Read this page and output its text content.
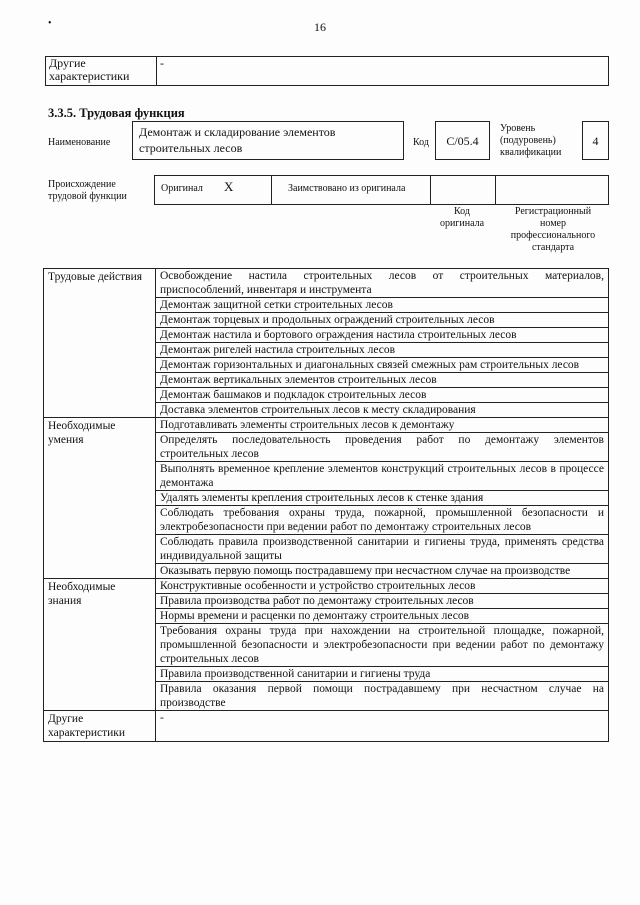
•	16
Другие характеристики	-
3.3.5. Трудовая функция
Наименование
Демонтаж и складирование элементов строительных лесов	Код	С/05.4
Уровень (подуровень) квалификации
4
Происхождение трудовой функции
Оригинал X	Заимствовано из оригинала
Код оригинала
Регистрационный номер профессионального стандарта
Трудовые действия	Освобождение настила строительных лесов от строительных материалов, приспособлений, инвентаря и инструмента
	Демонтаж защитной сетки строительных лесов
	Демонтаж торцевых и продольных ограждений строительных лесов
	Демонтаж настила и бортового ограждения настила строительных лесов
	Демонтаж ригелей настила строительных лесов
	Демонтаж горизонтальных и диагональных связей смежных рам строительных лесов
	Демонтаж вертикальных элементов строительных лесов
	Демонтаж башмаков и подкладок строительных лесов
	Доставка элементов строительных лесов к месту складирования
Необходимые умения	Подготавливать элементы строительных лесов к демонтажу
	Определять последовательность проведения работ по демонтажу элементов строительных лесов
	Выполнять временное крепление элементов конструкций строительных лесов в процессе демонтажа
	Удалять элементы крепления строительных лесов к стенке здания
	Соблюдать требования охраны труда, пожарной, промышленной безопасности и электробезопасности при ведении работ по демонтажу строительных лесов
	Соблюдать правила производственной санитарии и гигиены труда, применять средства индивидуальной защиты
	Оказывать первую помощь пострадавшему при несчастном случае на производстве
Необходимые знания	Конструктивные особенности и устройство строительных лесов
	Правила производства работ по демонтажу строительных лесов
	Нормы времени и расценки по демонтажу строительных лесов
	Требования охраны труда при нахождении на строительной площадке, пожарной, промышленной безопасности и электробезопасности при ведении работ по демонтажу строительных лесов
	Правила производственной санитарии и гигиены труда
	Правила оказания первой помощи пострадавшему при несчастном случае на производстве
Другие характеристики	-
